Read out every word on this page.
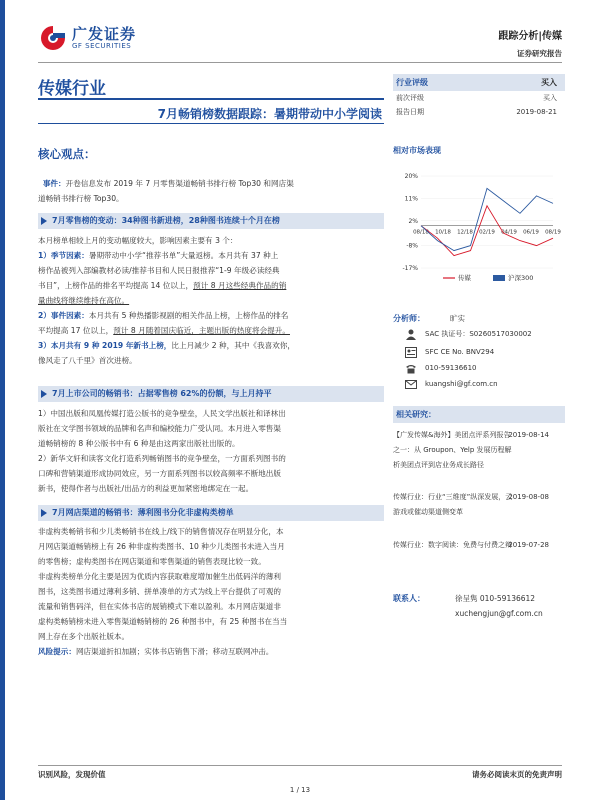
广发证券
GF SECURITIES
跟踪分析|传媒
证券研究报告
传媒行业
7月畅销榜数据跟踪：暑期带动中小学阅读
核心观点：
事件：开卷信息发布 2019 年 7 月零售渠道畅销书排行榜 Top30 和网店渠
道畅销书排行榜 Top30。
7月零售榜的变动：34种图书新进榜，28种图书连续十个月在榜
本月榜单相较上月的变动幅度较大，影响因素主要有 3 个：
1）季节因素：暑期带动中小学“推荐书单”大量返榜。本月共有 37 种上
榜作品被列入部编教材必读/推荐书目和人民日报推荐“1-9 年级必读经典
书目”，上榜作品的排名平均提高 14 位以上，预计 8 月这些经典作品的销
量曲线将继续维持在高位。
2）事件因素：本月共有 5 种热播影视剧的相关作品上榜，上榜作品的排名
平均提高 17 位以上，预计 8 月随着国庆临近，主题出版的热度将会提升。
3）本月共有 9 种 2019 年新书上榜，比上月减少 2 种，其中《我喜欢你，
像风走了八千里》首次进榜。
7月上市公司的畅销书：占据零售榜 62%的份额，与上月持平
1）中国出版和凤凰传媒打造公版书的竞争壁垒，人民文学出版社和译林出
版社在文学图书领域的品牌和名声和编校能力广受认同。本月进入零售渠
道畅销榜的 8 种公版书中有 6 种是由这两家出版社出版的。
2）新华文轩和读客文化打造系列畅销图书的竞争壁垒，一方面系列图书的
口碑和营销渠道形成协同效应，另一方面系列图书以较高频率不断地出版
新书，使得作者与出版社/出品方的利益更加紧密地绑定在一起。
7月网店渠道的畅销书：薄利图书分化非虚构类榜单
非虚构类畅销书和少儿类畅销书在线上/线下的销售情况存在明显分化，本
月网店渠道畅销榜上有 26 种非虚构类图书、10 种少儿类图书未进入当月
的零售榜；虚构类图书在网店渠道和零售渠道的销售表现比较一致。
非虚构类榜单分化主要是因为优质内容获取难度增加催生出低码洋的薄利
图书，这类图书通过薄利多销、拼单凑单的方式为线上平台提供了可观的
流量和销售码洋，但在实体书店的展销模式下难以盈利。本月网店渠道非
虚构类畅销榜未进入零售渠道畅销榜的 26 种图书中，有 25 种图书在当当
网上存在多个出版社版本。
风险提示：网店渠道折扣加剧；实体书店销售下滑；移动互联网冲击。
行业评级	买入
前次评级	买入
报告日期	2019-08-21
相对市场表现
-17%
-8%
2%
11%
20%
08/18 10/18 12/18 02/19 04/19 06/19 08/19
传媒	沪深300
分析师：	旷实
SAC 执证号：S0260517030002
SFC CE No. BNV294
010-59136610
kuangshi@gf.com.cn
相关研究：
【广发传媒&海外】美团点评系列报告之一：从 Groupon、Yelp 发展历程解析美团点评到店业务成长路径
2019-08-14
传媒行业：行业“三维度”纵深发展，云游戏或催动渠道侧变革
2019-08-08
传媒行业：数字阅读：免费与付费之辩
2019-07-28
联系人：	徐呈隽 010-59136612
xuchengjun@gf.com.cn
识别风险，发现价值	请务必阅读末页的免责声明
1 / 13
